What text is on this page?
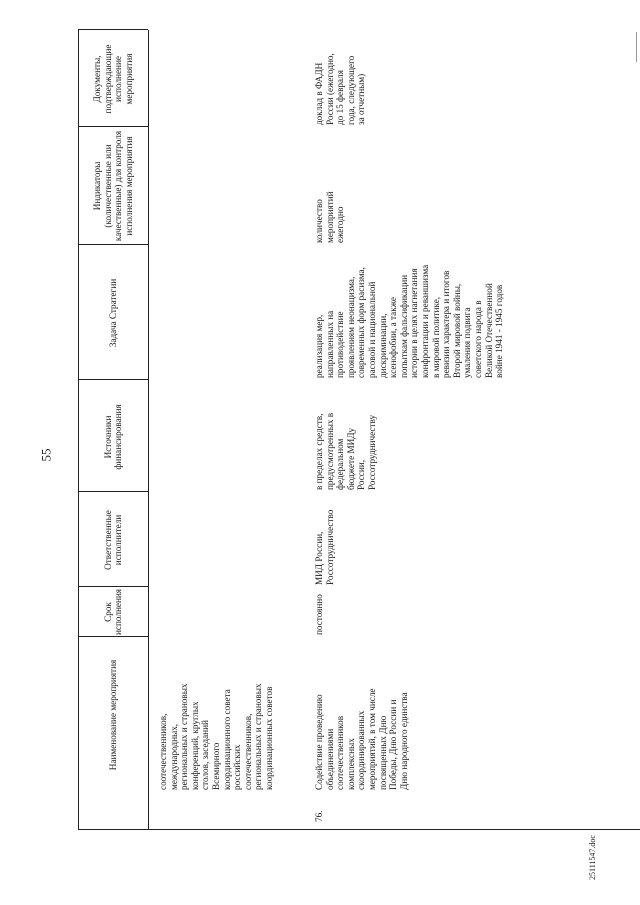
55
25111547.doc
Наименование мероприятия
Срок исполнения
Ответственные исполнители
Источники финансирования
Задача Стратегии
Индикаторы (количественные или качественные) для контроля исполнения мероприятия
Документы, подтверждающие исполнение мероприятия
соотечественников, международных, региональных и страновых конференций, круглых столов, заседаний Всемирного координационного совета российских соотечественников, региональных и страновых координационных советов
76.
Содействие проведению объединениями соотечественников комплексных скоординированных мероприятий, в том числе посвященных Дню Победы, Дню России и Дню народного единства
постоянно
МИД России, Россотрудничество
в пределах средств, предусмотренных в федеральном бюджете МИДу России, Россотрудничеству
реализация мер, направленных на противодействие проявлениям неонацизма, современных форм расизма, расовой и национальной дискриминации, ксенофобии, а также попыткам фальсификации истории в целях нагнетания конфронтации и реваншизма в мировой политике, ревизии характера и итогов Второй мировой войны, умаления подвига советского народа в Великой Отечественной войне 1941 - 1945 годов
количество мероприятий ежегодно
доклад в ФАДН России (ежегодно, до 15 февраля года, следующего за отчетным)
